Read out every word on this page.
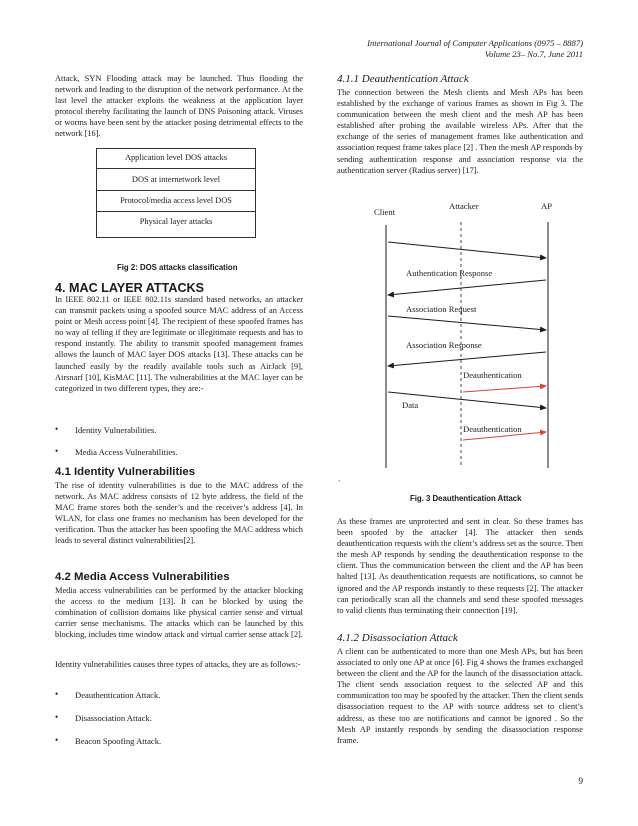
International Journal of Computer Applications (0975 – 8887)
Volume 23– No.7, June 2011
Attack, SYN Flooding attack may be launched. Thus flooding the network and leading to the disruption of the network performance. At the last level the attacker exploits the weakness at the application layer protocol thereby facilitating the launch of DNS Poisoning attack. Viruses or worms have been sent by the attacker posing detrimental effects to the network [16].
Application level DOS attacks
DOS at internetwork level
Protocol/media access level DOS
Physical layer attacks
Fig 2: DOS attacks classification
4. MAC LAYER ATTACKS
In IEEE 802.11 or IEEE 802.11s standard based networks, an attacker can transmit packets using a spoofed source MAC address of an Access point or Mesh access point [4]. The recipient of these spoofed frames has no way of telling if they are legitimate or illegitimate requests and has to respond instantly. The ability to transmit spoofed management frames allows the launch of MAC layer DOS attacks [13]. These attacks can be launched easily by the readily available tools such as AirJack [9], Airsnarf [10], KisMAC [11]. The vulnerabilities at the MAC layer can be categorized in two different types, they are:-
• Identity Vulnerabilities.
• Media Access Vulnerabilities.
4.1 Identity Vulnerabilities
The rise of identity vulnerabilities is due to the MAC address of the network. As MAC address consists of 12 byte address, the field of the MAC frame stores both the sender’s and the receiver’s address [4]. In WLAN, for class one frames no mechanism has been developed for the verification. Thus the attacker has been spoofing the MAC address which leads to several distinct vulnerabilities[2].
4.2 Media Access Vulnerabilities
Media access vulnerabilities can be performed by the attacker blocking the access to the medium [13]. It can be blocked by using the combination of collision domains like physical carrier sense and virtual carrier sense mechanisms. The attacks which can be launched by this blocking, includes time window attack and virtual carrier sense attack [2].
Identity vulnerabilities causes three types of attacks, they are as follows:-
• Deauthentication Attack.
• Disassociation Attack.
• Beacon Spoofing Attack.
4.1.1 Deauthentication Attack
The connection between the Mesh clients and Mesh APs has been established by the exchange of various frames as shown in Fig 3. The communication between the mesh client and the mesh AP has been established after probing the available wireless APs. After that the exchange of the series of management frames like authentication and association request frame takes place [2] . Then the mesh AP responds by sending authentication response and association response via the authentication server (Radius server) [17].
Client
Attacker	AP
Authentication Response
Association Request
Association Response
Deauthentication
Data
Deauthentication
`
Fig. 3 Deauthentication Attack
As these frames are unprotected and sent in clear. So these frames has been spoofed by the attacker [4]. The attacker then sends deauthentication requests with the client’s address set as the source. Then the mesh AP responds by sending the deauthentication response to the client. Thus the communication between the client and the AP has been halted [13]. As deauthentication requests are notifications, so cannot be ignored and the AP responds instantly to these requests [2]. The attacker can periodically scan all the channels and send these spoofed messages to valid clients thus terminating their connection [19].
4.1.2 Disassociation Attack
A client can be authenticated to more than one Mesh APs, but has been associated to only one AP at once [6]. Fig 4 shows the frames exchanged between the client and the AP for the launch of the disassociation attack. The client sends association request to the selected AP and this communication too may be spoofed by the attacker. Then the client sends disassociation request to the AP with source address set to client’s address, as these too are notifications and cannot be ignored . So the Mesh AP instantly responds by sending the disassociation response frame.
9
